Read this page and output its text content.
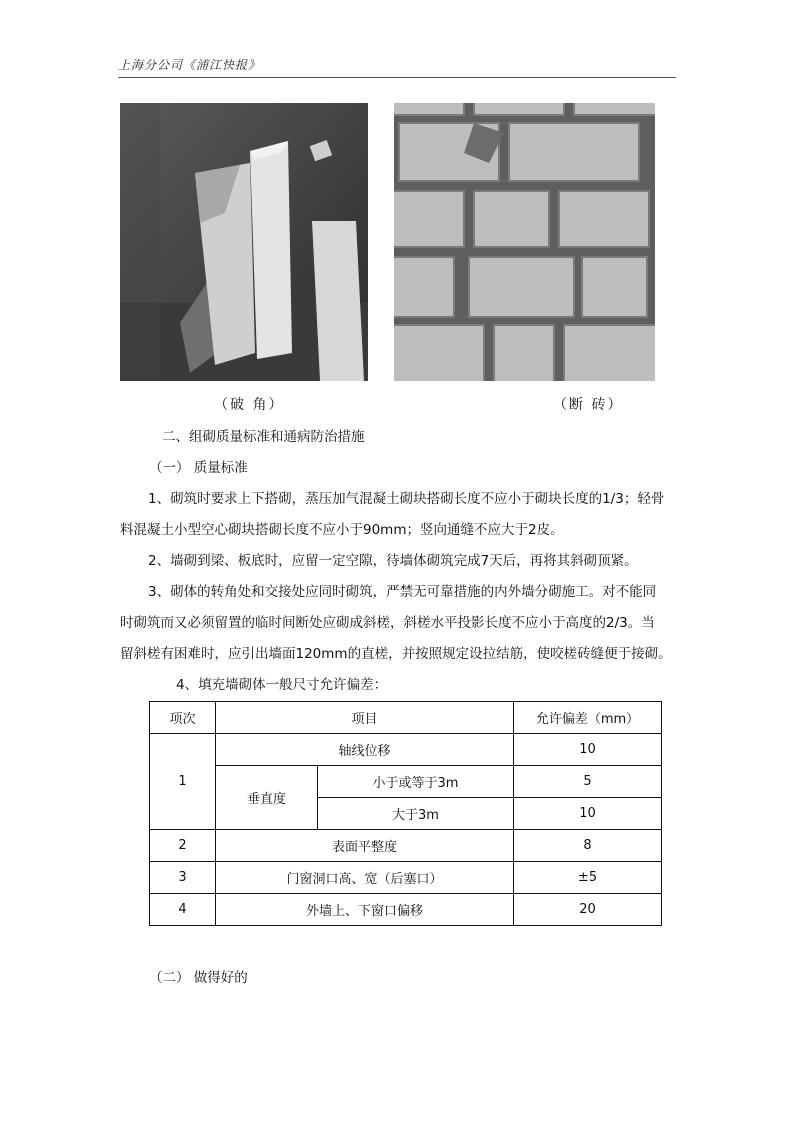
上海分公司《浦江快报》
（破 角）	（断 砖）
二、组砌质量标准和通病防治措施
（一） 质量标准
1、砌筑时要求上下搭砌，蒸压加气混凝土砌块搭砌长度不应小于砌块长度的1/3；轻骨
料混凝土小型空心砌块搭砌长度不应小于90mm；竖向通缝不应大于2皮。
2、墙砌到梁、板底时，应留一定空隙，待墙体砌筑完成7天后，再将其斜砌顶紧。
3、砌体的转角处和交接处应同时砌筑，严禁无可靠措施的内外墙分砌施工。对不能同
时砌筑而又必须留置的临时间断处应砌成斜槎，斜槎水平投影长度不应小于高度的2/3。当
留斜槎有困难时，应引出墙面120mm的直槎，并按照规定设拉结筋，使咬槎砖缝便于接砌。
4、填充墙砌体一般尺寸允许偏差：
项次	项目		允许偏差（mm）
1	轴线位移		10
	垂直度	小于或等于3m	5
		大于3m	10
2	表面平整度		8
3	门窗洞口高、宽（后塞口）		±5
4	外墙上、下窗口偏移		20
（二） 做得好的
